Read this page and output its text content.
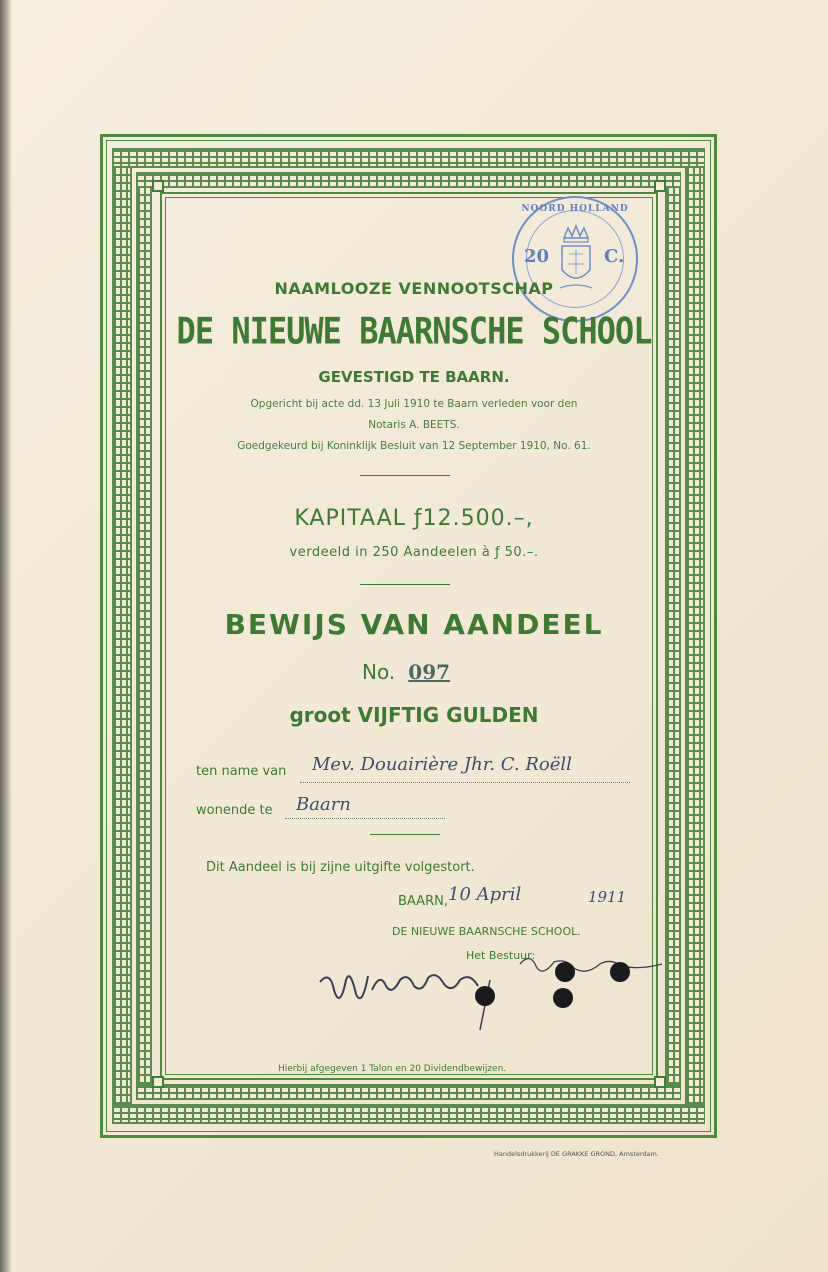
NOORD HOLLAND
20	C.
NAAMLOOZE VENNOOTSCHAP
DE NIEUWE BAARNSCHE SCHOOL
GEVESTIGD TE BAARN.
Opgericht bij acte dd. 13 Juli 1910 te Baarn verleden voor den
Notaris A. BEETS.
Goedgekeurd bij Koninklijk Besluit van 12 September 1910, No. 61.
KAPITAAL ƒ12.500.–,
verdeeld in 250 Aandeelen à ƒ 50.–.
BEWIJS VAN AANDEEL
No. 097
groot VIJFTIG GULDEN
ten name van Mev. Douairière Jhr. C. Roëll
wonende te Baarn
Dit Aandeel is bij zijne uitgifte volgestort.
BAARN, 10 April	1911
DE NIEUWE BAARNSCHE SCHOOL.
Het Bestuur:
Hierbij afgegeven 1 Talon en 20 Dividendbewijzen.
Handelsdrukkerij DE GRAKKE GROND, Amsterdam.
